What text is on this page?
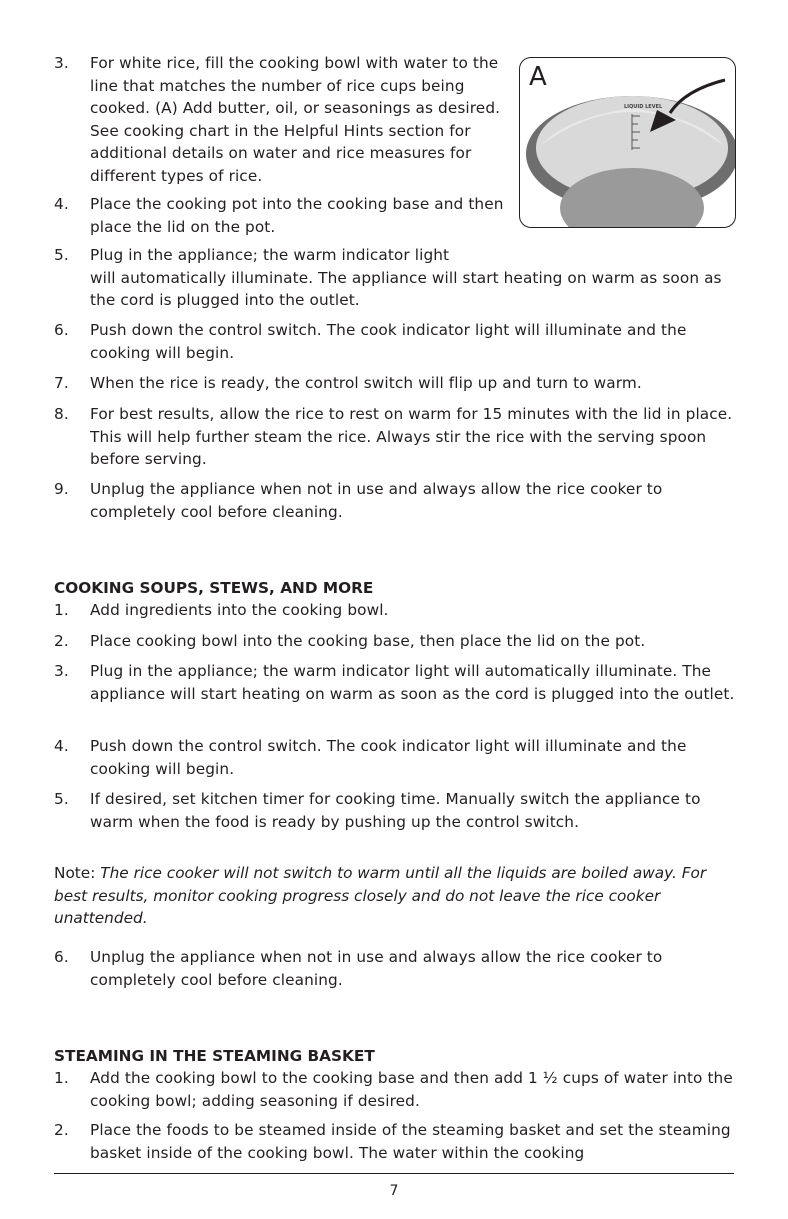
LIQUID LEVEL
A
3.	For white rice, fill the cooking bowl with water to the line that matches the number of rice cups being cooked. (A) Add butter, oil, or seasonings as desired. See cooking chart in the Helpful Hints section for additional details on water and rice measures for different types of rice.
4.	Place the cooking pot into the cooking base and then place the lid on the pot.
5.	Plug in the appliance; the warm indicator light
will automatically illuminate. The appliance will start heating on warm as soon as the cord is plugged into the outlet.
6.	Push down the control switch. The cook indicator light will illuminate and the cooking will begin.
7.	When the rice is ready, the control switch will flip up and turn to warm.
8.	For best results, allow the rice to rest on warm for 15 minutes with the lid in place. This will help further steam the rice. Always stir the rice with the serving spoon before serving.
9.	Unplug the appliance when not in use and always allow the rice cooker to completely cool before cleaning.
COOKING SOUPS, STEWS, AND MORE
1.	Add ingredients into the cooking bowl.
2.	Place cooking bowl into the cooking base, then place the lid on the pot.
3.	Plug in the appliance; the warm indicator light will automatically illuminate. The appliance will start heating on warm as soon as the cord is plugged into the outlet.
4.	Push down the control switch. The cook indicator light will illuminate and the cooking will begin.
5.	If desired, set kitchen timer for cooking time. Manually switch the appliance to warm when the food is ready by pushing up the control switch.
Note: The rice cooker will not switch to warm until all the liquids are boiled away. For best results, monitor cooking progress closely and do not leave the rice cooker unattended.
6.	Unplug the appliance when not in use and always allow the rice cooker to completely cool before cleaning.
STEAMING IN THE STEAMING BASKET
1.	Add the cooking bowl to the cooking base and then add 1 ½ cups of water into the cooking bowl; adding seasoning if desired.
2.	Place the foods to be steamed inside of the steaming basket and set the steaming basket inside of the cooking bowl. The water within the cooking
7
